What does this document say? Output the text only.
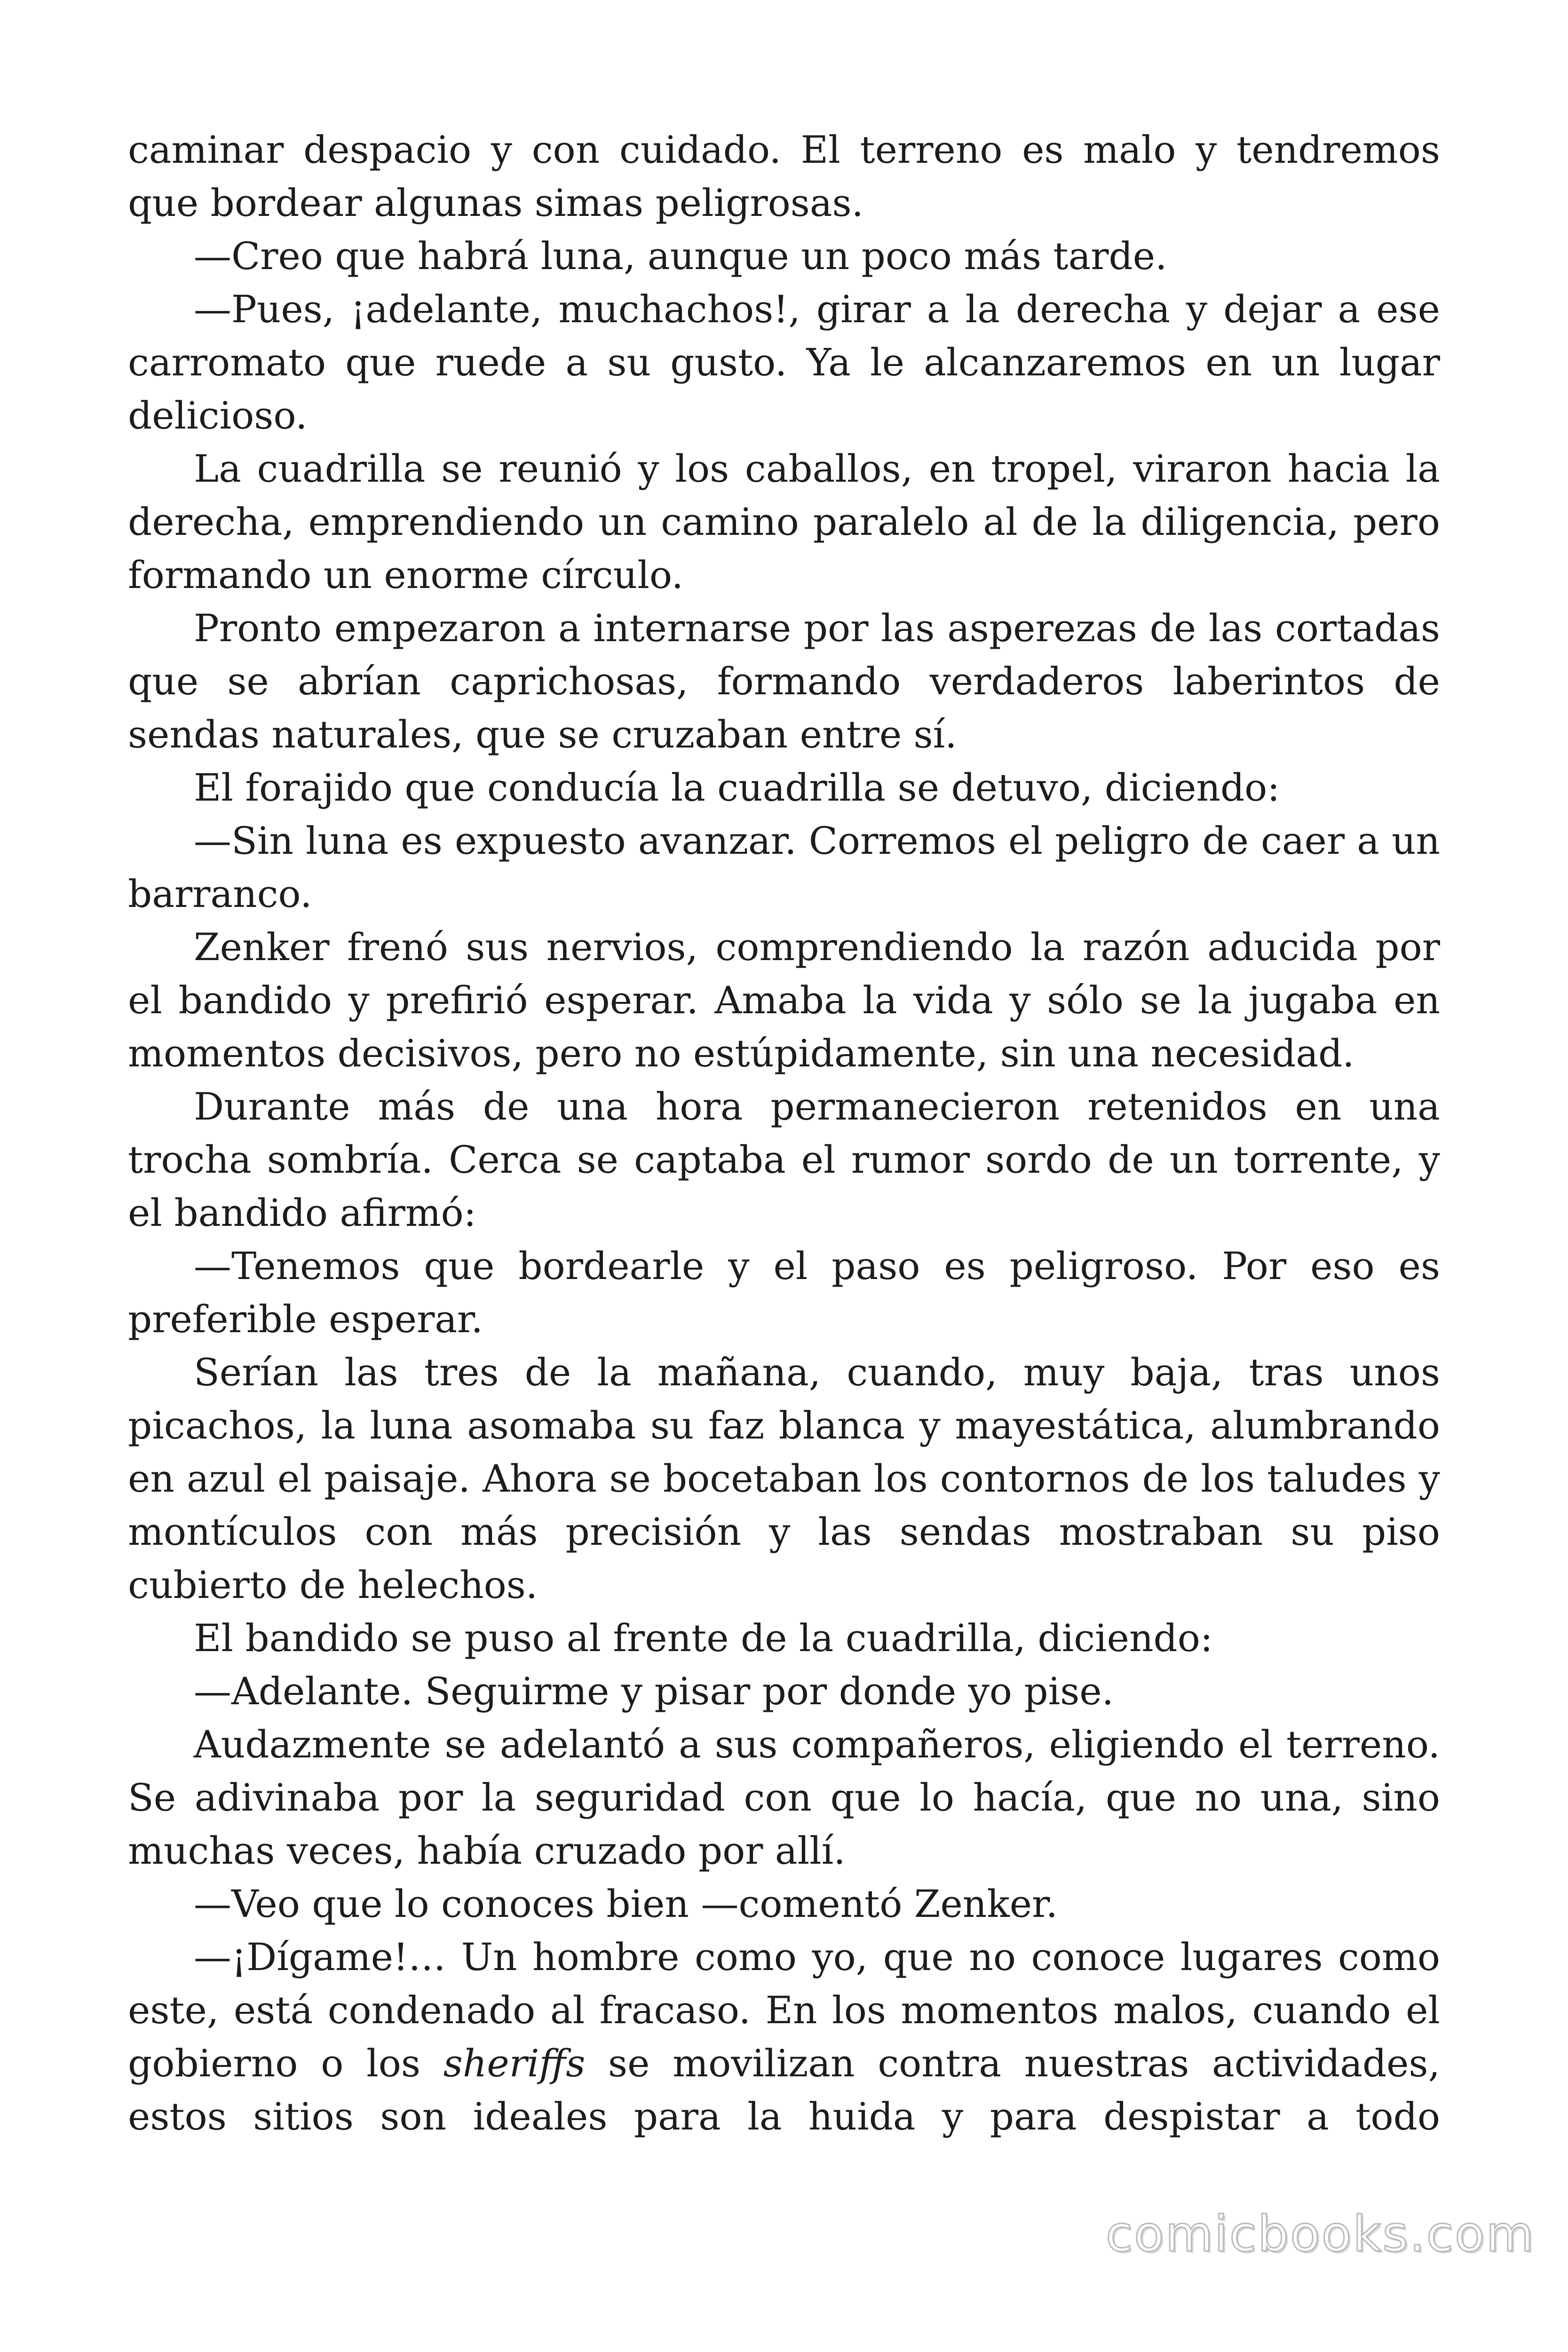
caminar despacio y con cuidado. El terreno es malo y tendremos que bordear algunas simas peligrosas.

—Creo que habrá luna, aunque un poco más tarde.

—Pues, ¡adelante, muchachos!, girar a la derecha y dejar a ese carromato que ruede a su gusto. Ya le alcanzaremos en un lugar delicioso.

La cuadrilla se reunió y los caballos, en tropel, viraron hacia la derecha, emprendiendo un camino paralelo al de la diligencia, pero formando un enorme círculo.

Pronto empezaron a internarse por las asperezas de las cortadas que se abrían caprichosas, formando verdaderos laberintos de sendas naturales, que se cruzaban entre sí.

El forajido que conducía la cuadrilla se detuvo, diciendo:

—Sin luna es expuesto avanzar. Corremos el peligro de caer a un barranco.

Zenker frenó sus nervios, comprendiendo la razón aducida por el bandido y prefirió esperar. Amaba la vida y sólo se la jugaba en momentos decisivos, pero no estúpidamente, sin una necesidad.

Durante más de una hora permanecieron retenidos en una trocha sombría. Cerca se captaba el rumor sordo de un torrente, y el bandido afirmó:

—Tenemos que bordearle y el paso es peligroso. Por eso es preferible esperar.

Serían las tres de la mañana, cuando, muy baja, tras unos picachos, la luna asomaba su faz blanca y mayestática, alumbrando en azul el paisaje. Ahora se bocetaban los contornos de los taludes y montículos con más precisión y las sendas mostraban su piso cubierto de helechos.

El bandido se puso al frente de la cuadrilla, diciendo:

—Adelante. Seguirme y pisar por donde yo pise.

Audazmente se adelantó a sus compañeros, eligiendo el terreno. Se adivinaba por la seguridad con que lo hacía, que no una, sino muchas veces, había cruzado por allí.

—Veo que lo conoces bien —comentó Zenker.

—¡Dígame!… Un hombre como yo, que no conoce lugares como este, está condenado al fracaso. En los momentos malos, cuando el gobierno o los sheriffs se movilizan contra nuestras actividades, estos sitios son ideales para la huida y para despistar a todo

comicbooks.com
